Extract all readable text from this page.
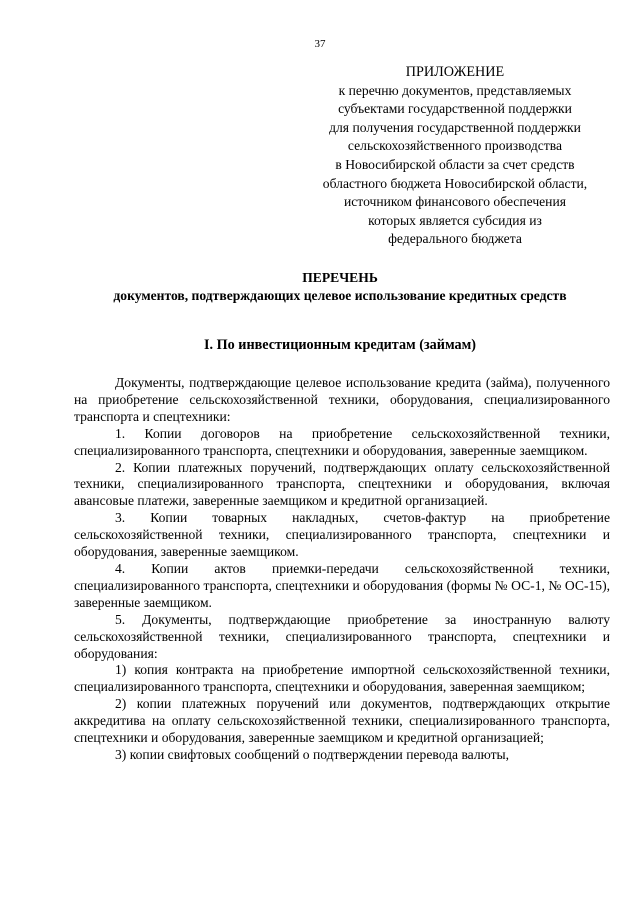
37
ПРИЛОЖЕНИЕ
к перечню документов, представляемых
субъектами государственной поддержки
для получения государственной поддержки
сельскохозяйственного производства
в Новосибирской области за счет средств
областного бюджета Новосибирской области,
источником финансового обеспечения
которых является субсидия из
федерального бюджета
ПЕРЕЧЕНЬ
документов, подтверждающих целевое использование кредитных средств
I. По инвестиционным кредитам (займам)

Документы, подтверждающие целевое использование кредита (займа), полученного на приобретение сельскохозяйственной техники, оборудования, специализированного транспорта и спецтехники:

1. Копии договоров на приобретение сельскохозяйственной техники, специализированного транспорта, спецтехники и оборудования, заверенные заемщиком.

2. Копии платежных поручений, подтверждающих оплату сельскохозяйственной техники, специализированного транспорта, спецтехники и оборудования, включая авансовые платежи, заверенные заемщиком и кредитной организацией.

3. Копии товарных накладных, счетов-фактур на приобретение сельскохозяйственной техники, специализированного транспорта, спецтехники и оборудования, заверенные заемщиком.

4. Копии актов приемки-передачи сельскохозяйственной техники, специализированного транспорта, спецтехники и оборудования (формы № ОС-1, № ОС-15), заверенные заемщиком.

5. Документы, подтверждающие приобретение за иностранную валюту сельскохозяйственной техники, специализированного транспорта, спецтехники и оборудования:

1) копия контракта на приобретение импортной сельскохозяйственной техники, специализированного транспорта, спецтехники и оборудования, заверенная заемщиком;

2) копии платежных поручений или документов, подтверждающих открытие аккредитива на оплату сельскохозяйственной техники, специализированного транспорта, спецтехники и оборудования, заверенные заемщиком и кредитной организацией;

3) копии свифтовых сообщений о подтверждении перевода валюты,
